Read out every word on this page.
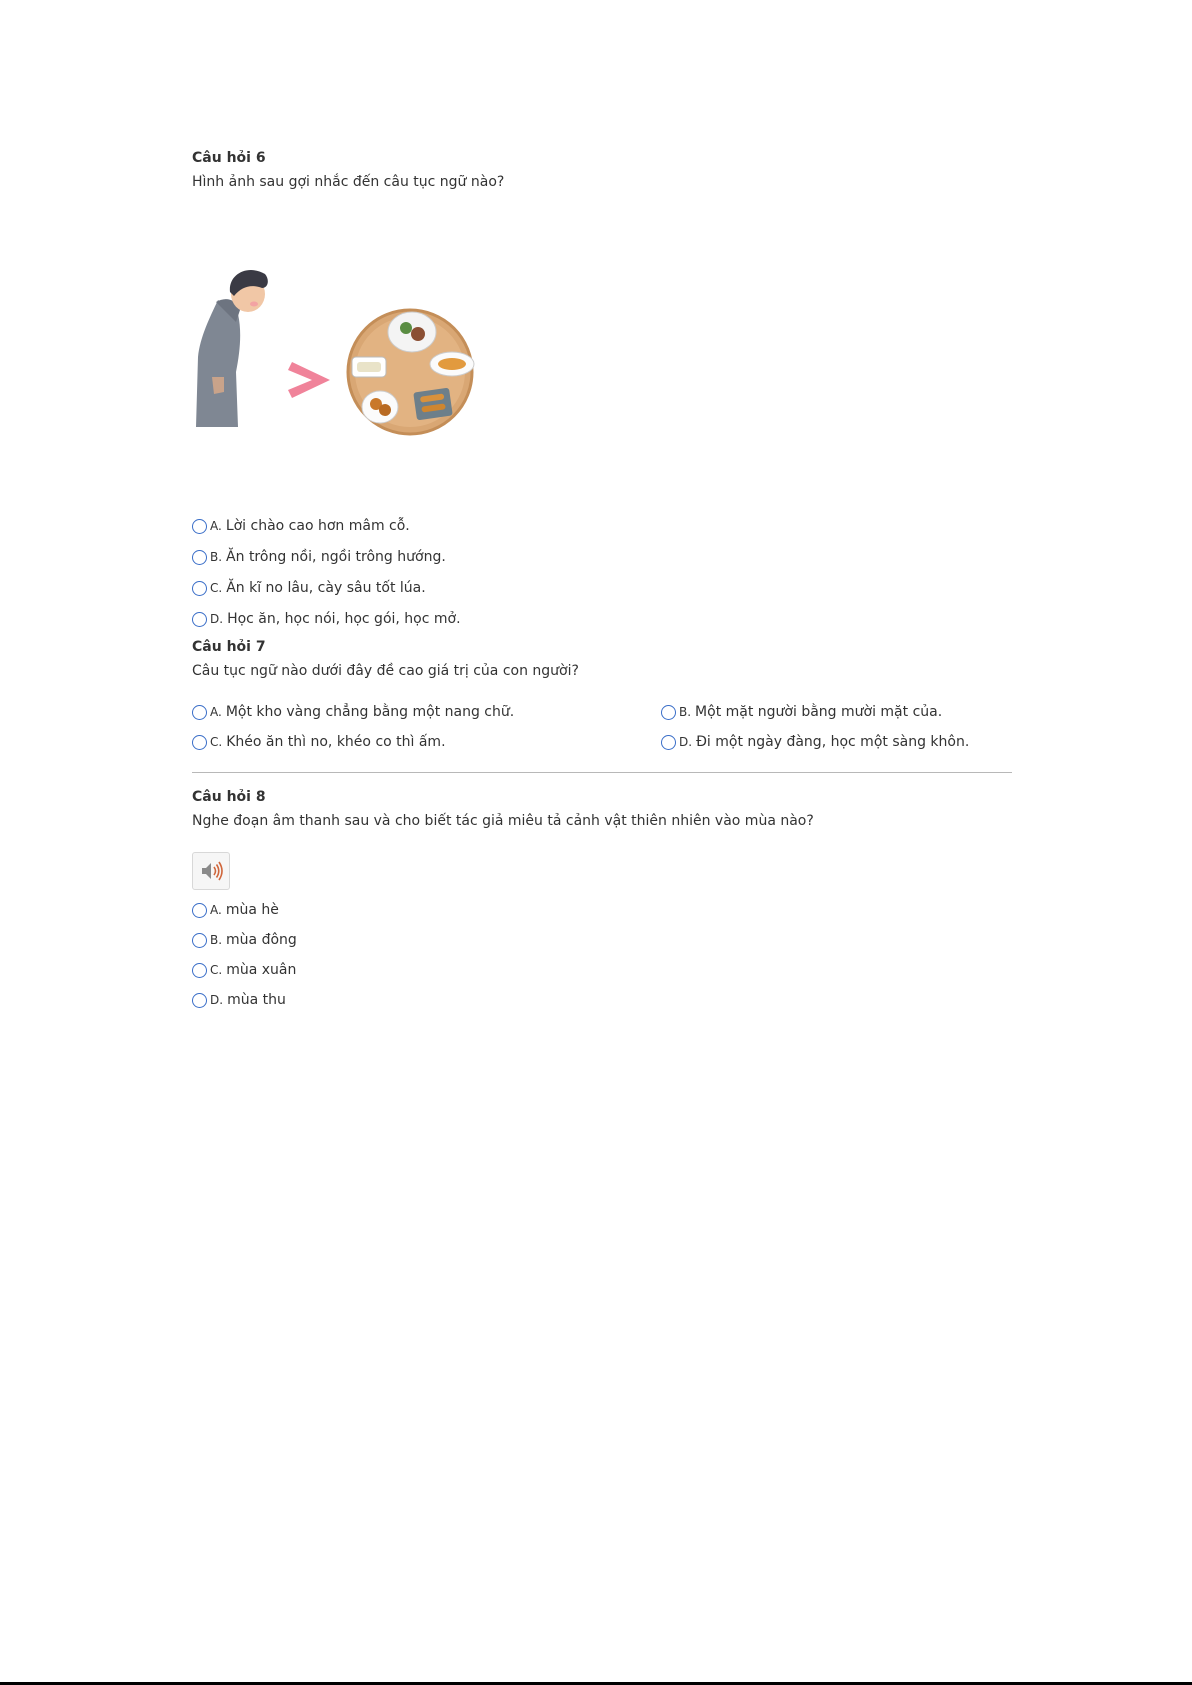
Câu hỏi 6
Hình ảnh sau gợi nhắc đến câu tục ngữ nào?
A. Lời chào cao hơn mâm cỗ.
B. Ăn trông nồi, ngồi trông hướng.
C. Ăn kĩ no lâu, cày sâu tốt lúa.
D. Học ăn, học nói, học gói, học mở.
Câu hỏi 7
Câu tục ngữ nào dưới đây đề cao giá trị của con người?
A. Một kho vàng chẳng bằng một nang chữ.	B. Một mặt người bằng mười mặt của.
C. Khéo ăn thì no, khéo co thì ấm.	D. Đi một ngày đàng, học một sàng khôn.
Câu hỏi 8
Nghe đoạn âm thanh sau và cho biết tác giả miêu tả cảnh vật thiên nhiên vào mùa nào?
A. mùa hè
B. mùa đông
C. mùa xuân
D. mùa thu
